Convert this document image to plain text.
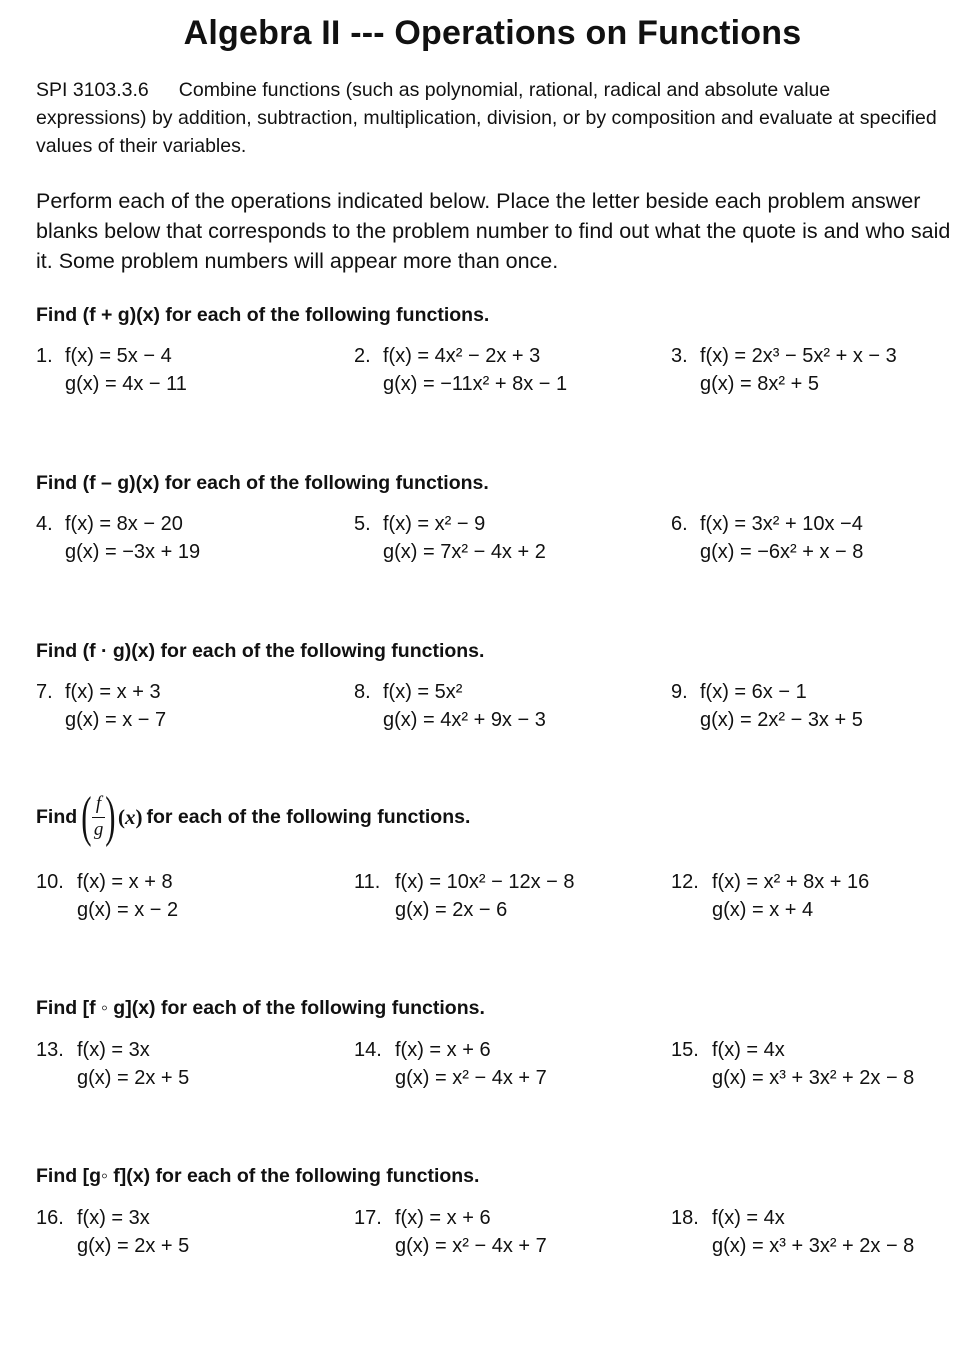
Algebra II --- Operations on Functions
SPI 3103.3.6 Combine functions (such as polynomial, rational, radical and absolute value expressions) by addition, subtraction, multiplication, division, or by composition and evaluate at specified values of their variables.
Perform each of the operations indicated below. Place the letter beside each problem answer blanks below that corresponds to the problem number to find out what the quote is and who said it. Some problem numbers will appear more than once.
Find (f + g)(x) for each of the following functions.
1. f(x) = 5x − 4
g(x) = 4x − 11
2. f(x) = 4x² − 2x + 3
g(x) = −11x² + 8x − 1
3. f(x) = 2x³ − 5x² + x − 3
g(x) = 8x² + 5
Find (f – g)(x) for each of the following functions.
4. f(x) = 8x − 20
g(x) = −3x + 19
5. f(x) = x² − 9
g(x) = 7x² − 4x + 2
6. f(x) = 3x² + 10x −4
g(x) = −6x² + x − 8
Find (f · g)(x) for each of the following functions.
7. f(x) = x + 3
g(x) = x − 7
8. f(x) = 5x²
g(x) = 4x² + 9x − 3
9. f(x) = 6x − 1
g(x) = 2x² − 3x + 5
Find (
$\frac{f}{g}$
) (x) for each of the following functions.
10. f(x) = x + 8
g(x) = x − 2
11. f(x) = 10x² − 12x − 8
g(x) = 2x − 6
12. f(x) = x² + 8x + 16
g(x) = x + 4
Find [f ◦ g](x) for each of the following functions.
13. f(x) = 3x
g(x) = 2x + 5
14. f(x) = x + 6
g(x) = x² − 4x + 7
15. f(x) = 4x
g(x) = x³ + 3x² + 2x − 8
Find [g◦ f](x) for each of the following functions.
16. f(x) = 3x
g(x) = 2x + 5
17. f(x) = x + 6
g(x) = x² − 4x + 7
18. f(x) = 4x
g(x) = x³ + 3x² + 2x − 8
